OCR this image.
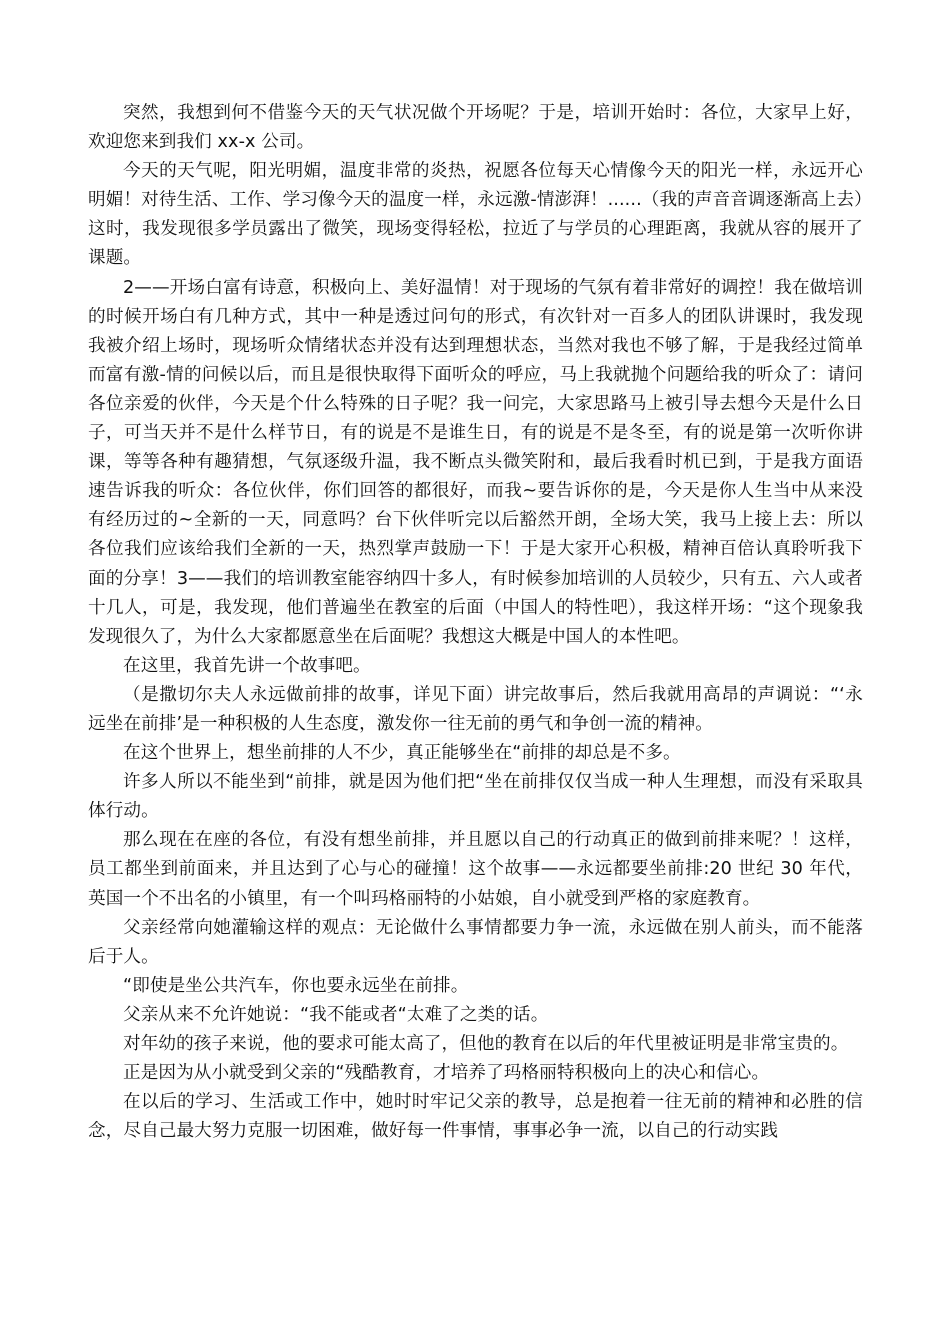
突然，我想到何不借鉴今天的天气状况做个开场呢？于是，培训开始时：各位，大家早上好，欢迎您来到我们 xx-x 公司。

今天的天气呢，阳光明媚，温度非常的炎热，祝愿各位每天心情像今天的阳光一样，永远开心明媚！对待生活、工作、学习像今天的温度一样，永远激-情澎湃！......（我的声音音调逐渐高上去）这时，我发现很多学员露出了微笑，现场变得轻松，拉近了与学员的心理距离，我就从容的展开了课题。

2——开场白富有诗意，积极向上、美好温情！对于现场的气氛有着非常好的调控！我在做培训的时候开场白有几种方式，其中一种是透过问句的形式，有次针对一百多人的团队讲课时，我发现我被介绍上场时，现场听众情绪状态并没有达到理想状态，当然对我也不够了解，于是我经过简单而富有激-情的问候以后，而且是很快取得下面听众的呼应，马上我就抛个问题给我的听众了：请问各位亲爱的伙伴，今天是个什么特殊的日子呢？我一问完，大家思路马上被引导去想今天是什么日子，可当天并不是什么样节日，有的说是不是谁生日，有的说是不是冬至，有的说是第一次听你讲课，等等各种有趣猜想，气氛逐级升温，我不断点头微笑附和，最后我看时机已到，于是我方面语速告诉我的听众：各位伙伴，你们回答的都很好，而我~要告诉你的是，今天是你人生当中从来没有经历过的~全新的一天，同意吗？台下伙伴听完以后豁然开朗，全场大笑，我马上接上去：所以各位我们应该给我们全新的一天，热烈掌声鼓励一下！于是大家开心积极，精神百倍认真聆听我下面的分享！3——我们的培训教室能容纳四十多人，有时候参加培训的人员较少，只有五、六人或者十几人，可是，我发现，他们普遍坐在教室的后面（中国人的特性吧），我这样开场：“这个现象我发现很久了，为什么大家都愿意坐在后面呢？我想这大概是中国人的本性吧。

在这里，我首先讲一个故事吧。

（是撒切尔夫人永远做前排的故事，详见下面）讲完故事后，然后我就用高昂的声调说：“‘永远坐在前排’是一种积极的人生态度，激发你一往无前的勇气和争创一流的精神。

在这个世界上，想坐前排的人不少，真正能够坐在“前排的却总是不多。

许多人所以不能坐到“前排，就是因为他们把“坐在前排仅仅当成一种人生理想，而没有采取具体行动。

那么现在在座的各位，有没有想坐前排，并且愿以自己的行动真正的做到前排来呢？！这样，员工都坐到前面来，并且达到了心与心的碰撞！这个故事——永远都要坐前排:20 世纪 30 年代，英国一个不出名的小镇里，有一个叫玛格丽特的小姑娘，自小就受到严格的家庭教育。

父亲经常向她灌输这样的观点：无论做什么事情都要力争一流，永远做在别人前头，而不能落后于人。

“即使是坐公共汽车，你也要永远坐在前排。

父亲从来不允许她说：“我不能或者“太难了之类的话。

对年幼的孩子来说，他的要求可能太高了，但他的教育在以后的年代里被证明是非常宝贵的。

正是因为从小就受到父亲的“残酷教育，才培养了玛格丽特积极向上的决心和信心。

在以后的学习、生活或工作中，她时时牢记父亲的教导，总是抱着一往无前的精神和必胜的信念，尽自己最大努力克服一切困难，做好每一件事情，事事必争一流，以自己的行动实践
